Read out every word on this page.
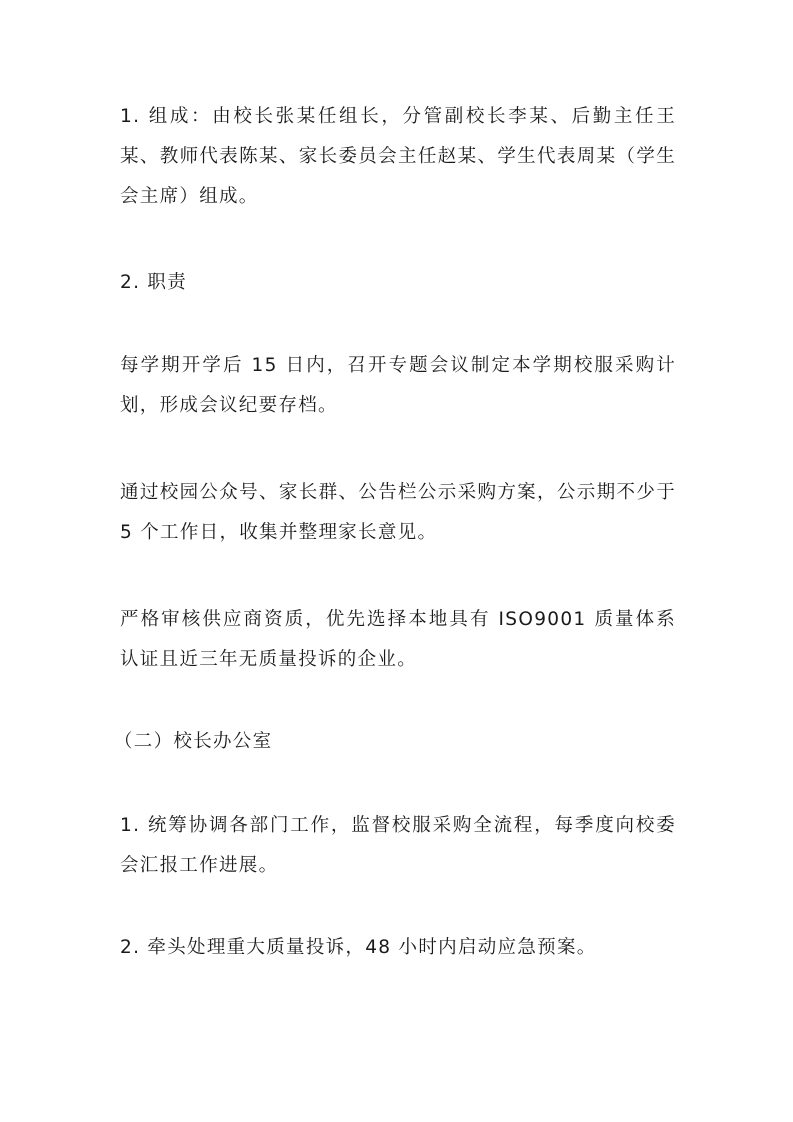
1. 组成：由校长张某任组长，分管副校长李某、后勤主任王某、教师代表陈某、家长委员会主任赵某、学生代表周某（学生会主席）组成。

2. 职责

每学期开学后 15 日内，召开专题会议制定本学期校服采购计划，形成会议纪要存档。

通过校园公众号、家长群、公告栏公示采购方案，公示期不少于 5 个工作日，收集并整理家长意见。

严格审核供应商资质，优先选择本地具有 ISO9001 质量体系认证且近三年无质量投诉的企业。

（二）校长办公室

1. 统筹协调各部门工作，监督校服采购全流程，每季度向校委会汇报工作进展。

2. 牵头处理重大质量投诉，48 小时内启动应急预案。
